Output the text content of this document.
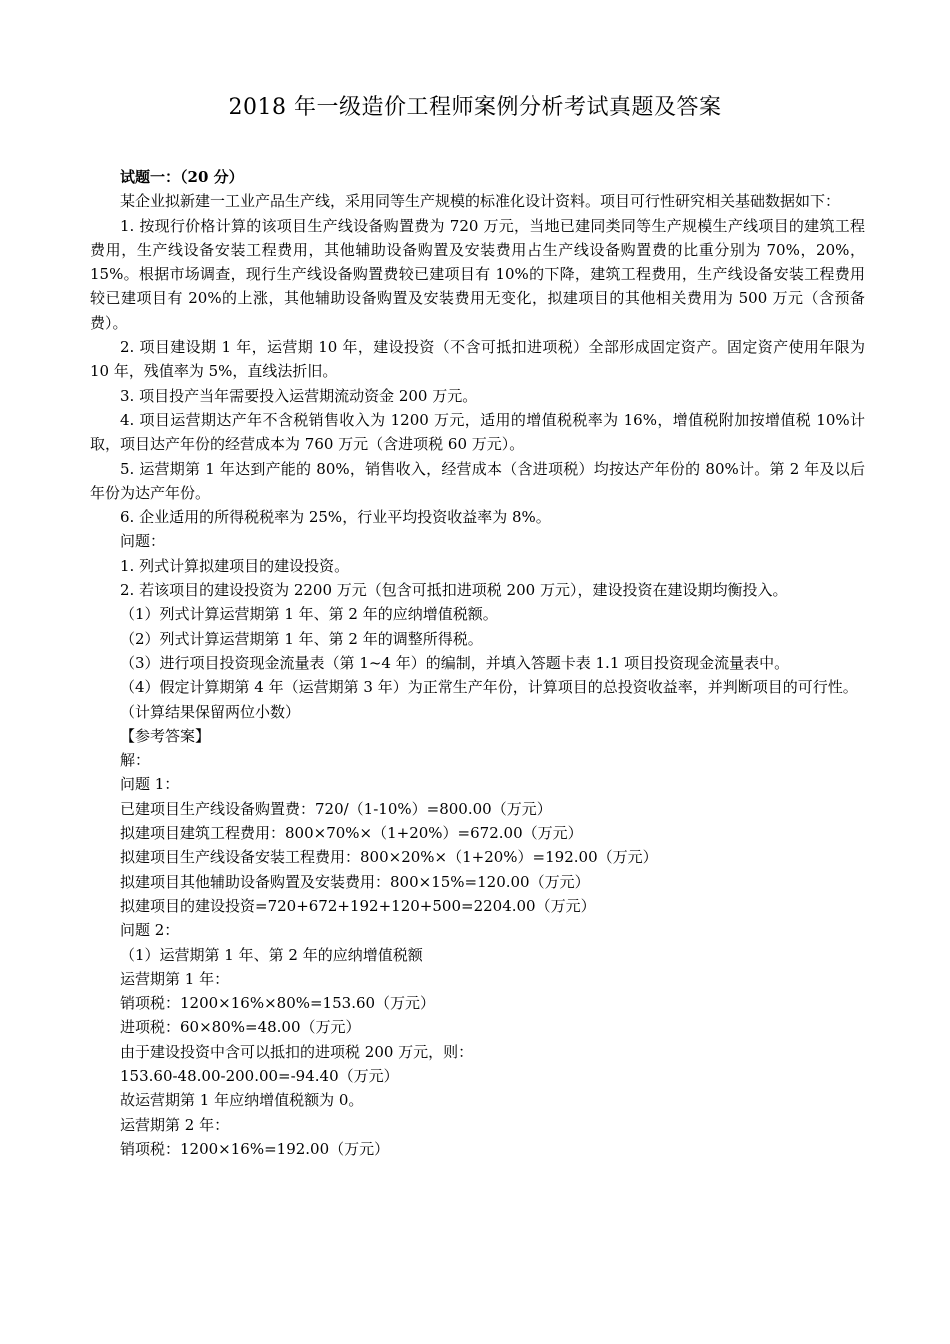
2018 年一级造价工程师案例分析考试真题及答案

试题一：（20 分）

某企业拟新建一工业产品生产线，采用同等生产规模的标准化设计资料。项目可行性研究相关基础数据如下：

1. 按现行价格计算的该项目生产线设备购置费为 720 万元，当地已建同类同等生产规模生产线项目的建筑工程费用，生产线设备安装工程费用，其他辅助设备购置及安装费用占生产线设备购置费的比重分别为 70%，20%，15%。根据市场调查，现行生产线设备购置费较已建项目有 10%的下降，建筑工程费用，生产线设备安装工程费用较已建项目有 20%的上涨，其他辅助设备购置及安装费用无变化，拟建项目的其他相关费用为 500 万元（含预备费）。

2. 项目建设期 1 年，运营期 10 年，建设投资（不含可抵扣进项税）全部形成固定资产。固定资产使用年限为 10 年，残值率为 5%，直线法折旧。

3. 项目投产当年需要投入运营期流动资金 200 万元。

4. 项目运营期达产年不含税销售收入为 1200 万元，适用的增值税税率为 16%，增值税附加按增值税 10%计取，项目达产年份的经营成本为 760 万元（含进项税 60 万元）。

5. 运营期第 1 年达到产能的 80%，销售收入，经营成本（含进项税）均按达产年份的 80%计。第 2 年及以后年份为达产年份。

6. 企业适用的所得税税率为 25%，行业平均投资收益率为 8%。

问题：

1. 列式计算拟建项目的建设投资。

2. 若该项目的建设投资为 2200 万元（包含可抵扣进项税 200 万元），建设投资在建设期均衡投入。

（1）列式计算运营期第 1 年、第 2 年的应纳增值税额。

（2）列式计算运营期第 1 年、第 2 年的调整所得税。

（3）进行项目投资现金流量表（第 1~4 年）的编制，并填入答题卡表 1.1 项目投资现金流量表中。

（4）假定计算期第 4 年（运营期第 3 年）为正常生产年份，计算项目的总投资收益率，并判断项目的可行性。

（计算结果保留两位小数）

【参考答案】

解：

问题 1：

已建项目生产线设备购置费：720/（1-10%）=800.00（万元）

拟建项目建筑工程费用：800×70%×（1+20%）=672.00（万元）

拟建项目生产线设备安装工程费用：800×20%×（1+20%）=192.00（万元）

拟建项目其他辅助设备购置及安装费用：800×15%=120.00（万元）

拟建项目的建设投资=720+672+192+120+500=2204.00（万元）

问题 2：

（1）运营期第 1 年、第 2 年的应纳增值税额

运营期第 1 年：

销项税：1200×16%×80%=153.60（万元）

进项税：60×80%=48.00（万元）

由于建设投资中含可以抵扣的进项税 200 万元，则：

153.60-48.00-200.00=-94.40（万元）

故运营期第 1 年应纳增值税额为 0。

运营期第 2 年：

销项税：1200×16%=192.00（万元）
